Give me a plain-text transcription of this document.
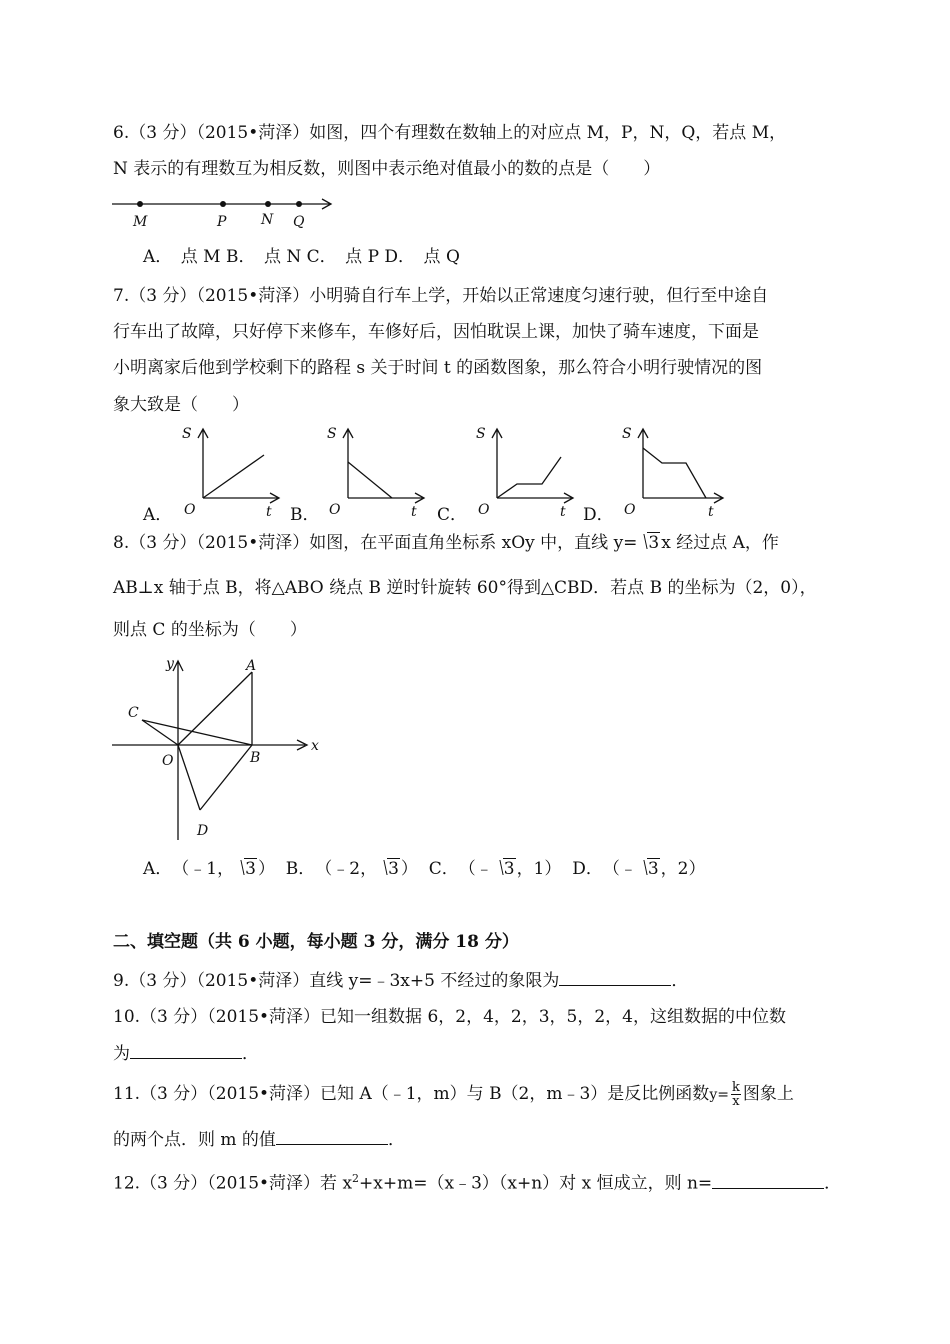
6.（3 分）（2015•菏泽）如图，四个有理数在数轴上的对应点 M，P，N，Q，若点 M，
N 表示的有理数互为相反数，则图中表示绝对值最小的数的点是（　　）
M	P N Q
A．　点 M B．　点 N C．　点 P D．　点 Q
7.（3 分）（2015•菏泽）小明骑自行车上学，开始以正常速度匀速行驶，但行至中途自
行车出了故障，只好停下来修车，车修好后，因怕耽误上课，加快了骑车速度，下面是
小明离家后他到学校剩下的路程 s 关于时间 t 的函数图象，那么符合小明行驶情况的图
象大致是（　　）
A．
S
O	t B．
S
O	t C．
S
O	t D．
S
O	t
8.（3 分）（2015•菏泽）如图，在平面直角坐标系 xOy 中，直线 y= 3 x 经过点 A，作
AB⊥x 轴于点 B，将△ABO 绕点 B 逆时针旋转 60°得到△CBD．若点 B 的坐标为（2，0），
则点 C 的坐标为（　　）
y
x
A
B
C
D
O
A．　 （﹣1， 3 ） B．　 （﹣2， 3 ） C．　 （﹣ 3 ，1） D．　 （﹣ 3 ，2）
二、填空题（共 6 小题，每小题 3 分，满分 18 分）
9.（3 分）（2015•菏泽）直线 y=﹣3x+5 不经过的象限为	．
10.（3 分）（2015•菏泽）已知一组数据 6，2，4，2，3，5，2，4，这组数据的中位数
为	．
11.（3 分）（2015•菏泽）已知 A（﹣1，m）与 B（2，m﹣3）是反比例函数$y= \frac{k}{x}$ 图象上
的两个点．则 m 的值	．
12.（3 分）（2015•菏泽）若 $x^2+x+m=(x﹣3)(x+n)$对 x 恒成立，则 n=	．
